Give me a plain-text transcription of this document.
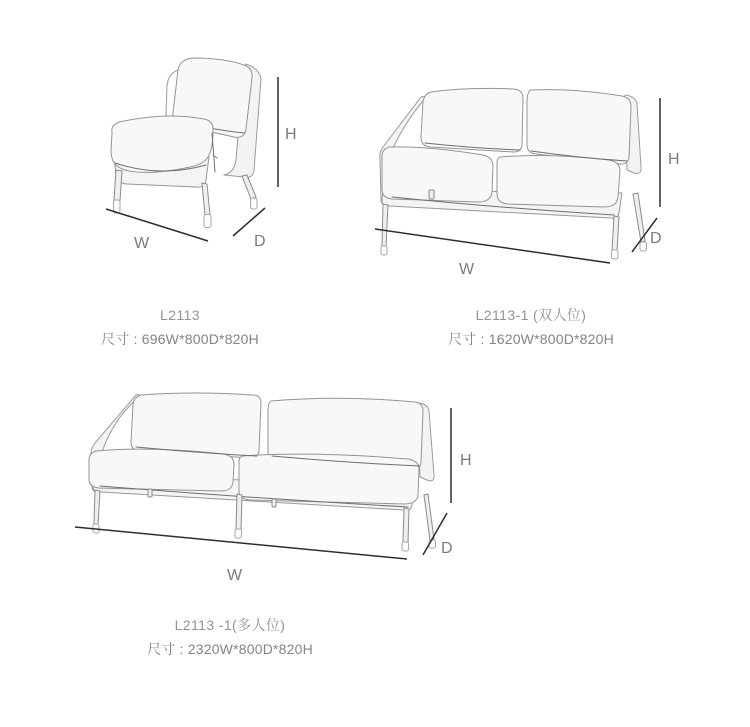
H
W	D
L2113
尺寸 : 696W*800D*820H
H
W
D
L2113-1 (双人位)
尺寸 : 1620W*800D*820H
H
W
D
L2113 -1(多人位)
尺寸 : 2320W*800D*820H
